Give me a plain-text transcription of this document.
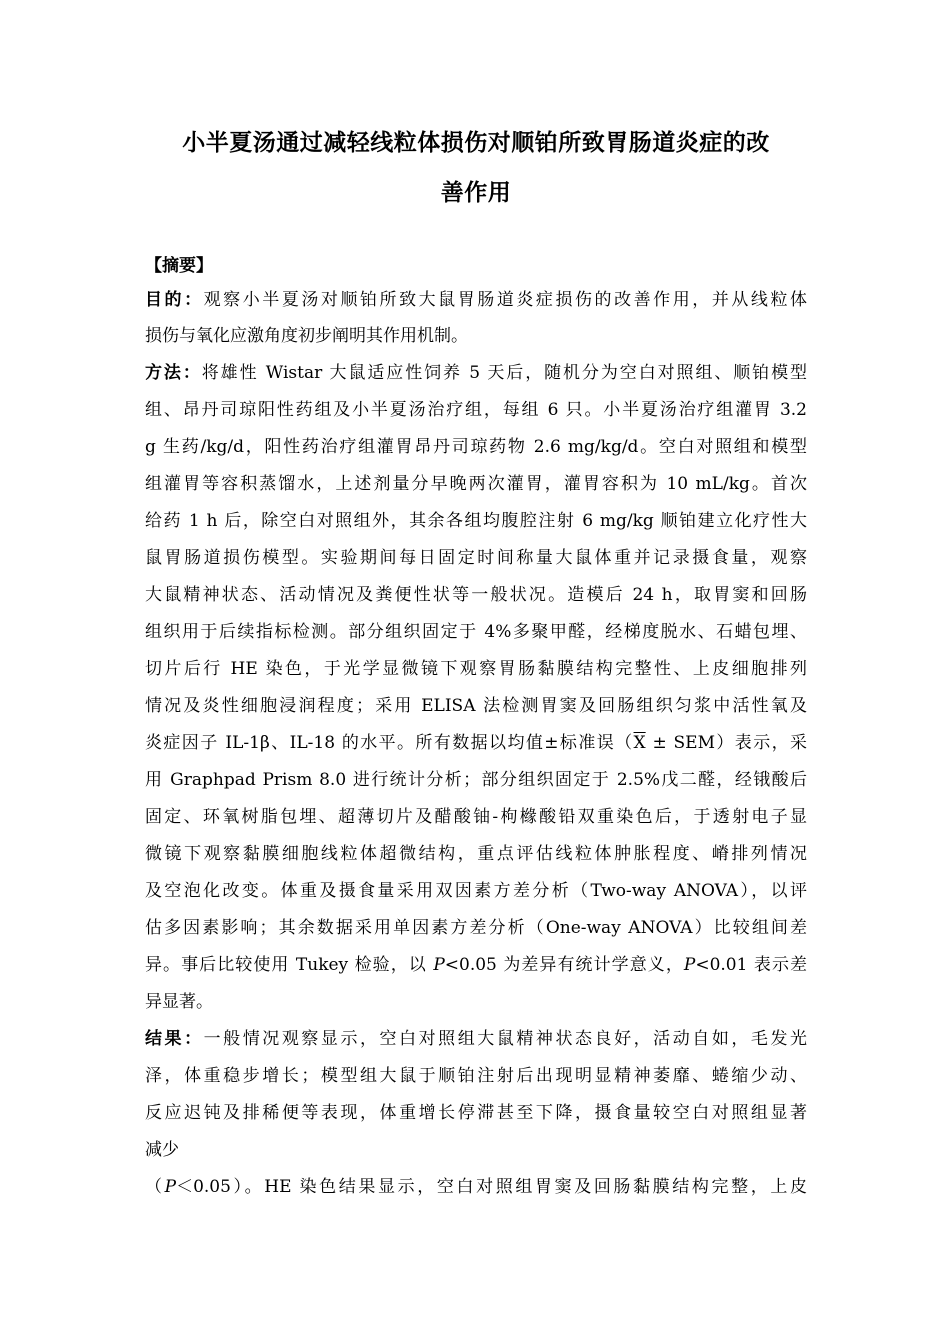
小半夏汤通过减轻线粒体损伤对顺铂所致胃肠道炎症的改
善作用
【摘要】
目的：观察小半夏汤对顺铂所致大鼠胃肠道炎症损伤的改善作用，并从线粒体
损伤与氧化应激角度初步阐明其作用机制。
方法：将雄性 Wistar 大鼠适应性饲养 5 天后，随机分为空白对照组、顺铂模型
组、昂丹司琼阳性药组及小半夏汤治疗组，每组 6 只。小半夏汤治疗组灌胃 3.2
g 生药/kg/d，阳性药治疗组灌胃昂丹司琼药物 2.6 mg/kg/d。空白对照组和模型
组灌胃等容积蒸馏水，上述剂量分早晚两次灌胃，灌胃容积为 10 mL/kg。首次
给药 1 h 后，除空白对照组外，其余各组均腹腔注射 6 mg/kg 顺铂建立化疗性大
鼠胃肠道损伤模型。实验期间每日固定时间称量大鼠体重并记录摄食量，观察
大鼠精神状态、活动情况及粪便性状等一般状况。造模后 24 h，取胃窦和回肠
组织用于后续指标检测。部分组织固定于 4%多聚甲醛，经梯度脱水、石蜡包埋、
切片后行 HE 染色，于光学显微镜下观察胃肠黏膜结构完整性、上皮细胞排列
情况及炎性细胞浸润程度；采用 ELISA 法检测胃窦及回肠组织匀浆中活性氧及
炎症因子 IL-1β、IL-18 的水平。所有数据以均值±标准误$(\overline{X} \pm SEM)$表示，采
用 Graphpad Prism 8.0 进行统计分析；部分组织固定于 2.5%戊二醛，经锇酸后
固定、环氧树脂包埋、超薄切片及醋酸铀-枸橼酸铅双重染色后，于透射电子显
微镜下观察黏膜细胞线粒体超微结构，重点评估线粒体肿胀程度、嵴排列情况
及空泡化改变。体重及摄食量采用双因素方差分析（Two-way ANOVA），以评
估多因素影响；其余数据采用单因素方差分析（One-way ANOVA）比较组间差
异。事后比较使用 Tukey 检验，以 P<0.05 为差异有统计学意义，P<0.01 表示差
异显著。
结果：一般情况观察显示，空白对照组大鼠精神状态良好，活动自如，毛发光
泽，体重稳步增长；模型组大鼠于顺铂注射后出现明显精神萎靡、蜷缩少动、
反应迟钝及排稀便等表现，体重增长停滞甚至下降，摄食量较空白对照组显著
减少
（P＜0.05）。HE 染色结果显示，空白对照组胃窦及回肠黏膜结构完整，上皮
